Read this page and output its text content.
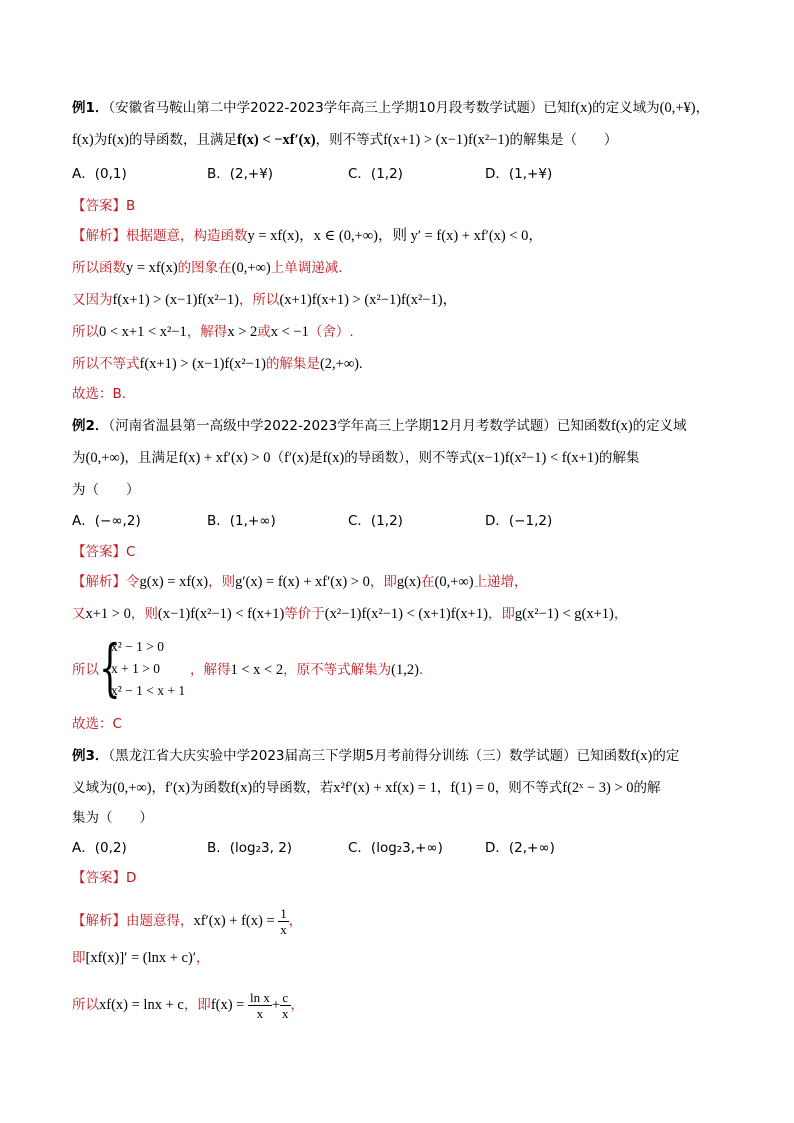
例1．（安徽省马鞍山第二中学2022-2023学年高三上学期10月段考数学试题）已知f(x)的定义域为(0,+¥)，
f(x)为f(x)的导函数，且满足f(x) < −xf′(x)，则不等式f(x+1) > (x−1)f(x²−1)的解集是（　　）
A．(0,1)	B．(2,+¥)	C．(1,2)	D．(1,+¥)
【答案】B
【解析】根据题意，构造函数y = xf(x)，x ∈ (0,+∞)，则 y′ = f(x) + xf′(x) < 0，
所以函数y = xf(x)的图象在(0,+∞)上单调递减.
又因为f(x+1) > (x−1)f(x²−1)，所以(x+1)f(x+1) > (x²−1)f(x²−1)，
所以0 < x+1 < x²−1，解得x > 2或x < −1（舍）.
所以不等式f(x+1) > (x−1)f(x²−1)的解集是(2,+∞).
故选：B.
例2．（河南省温县第一高级中学2022-2023学年高三上学期12月月考数学试题）已知函数f(x)的定义域
为(0,+∞)，且满足f(x) + xf′(x) > 0（f′(x)是f(x)的导函数），则不等式(x−1)f(x²−1) < f(x+1)的解集
为（　　）
A．(−∞,2)	B．(1,+∞)	C．(1,2)	D．(−1,2)
【答案】C
【解析】令g(x) = xf(x)，则g′(x) = f(x) + xf′(x) > 0，即g(x)在(0,+∞)上递增，
又x+1 > 0，则(x−1)f(x²−1) < f(x+1)等价于(x²−1)f(x²−1) < (x+1)f(x+1)，即g(x²−1) < g(x+1)，
所以 {
x² − 1 > 0
x + 1 > 0
x² − 1 < x + 1
，解得1 < x < 2，原不等式解集为(1,2).
故选：C
例3．（黑龙江省大庆实验中学2023届高三下学期5月考前得分训练（三）数学试题）已知函数f(x)的定
义域为(0,+∞)，f′(x)为函数f(x)的导函数，若x²f′(x) + xf(x) = 1，f(1) = 0，则不等式f(2ˣ − 3) > 0的解
集为（　　）
A．(0,2)	B．(log₂3, 2)	C．(log₂3,+∞)	D．(2,+∞)
【答案】D
【解析】由题意得，$xf'(x) + f(x) = \frac{1}{x}$ ，
即[xf(x)]′ = (lnx + c)′，
所以xf(x) = lnx + c，即$f(x) = \frac{\text{ln x}}{x} + \frac{c}{x}$ ，
